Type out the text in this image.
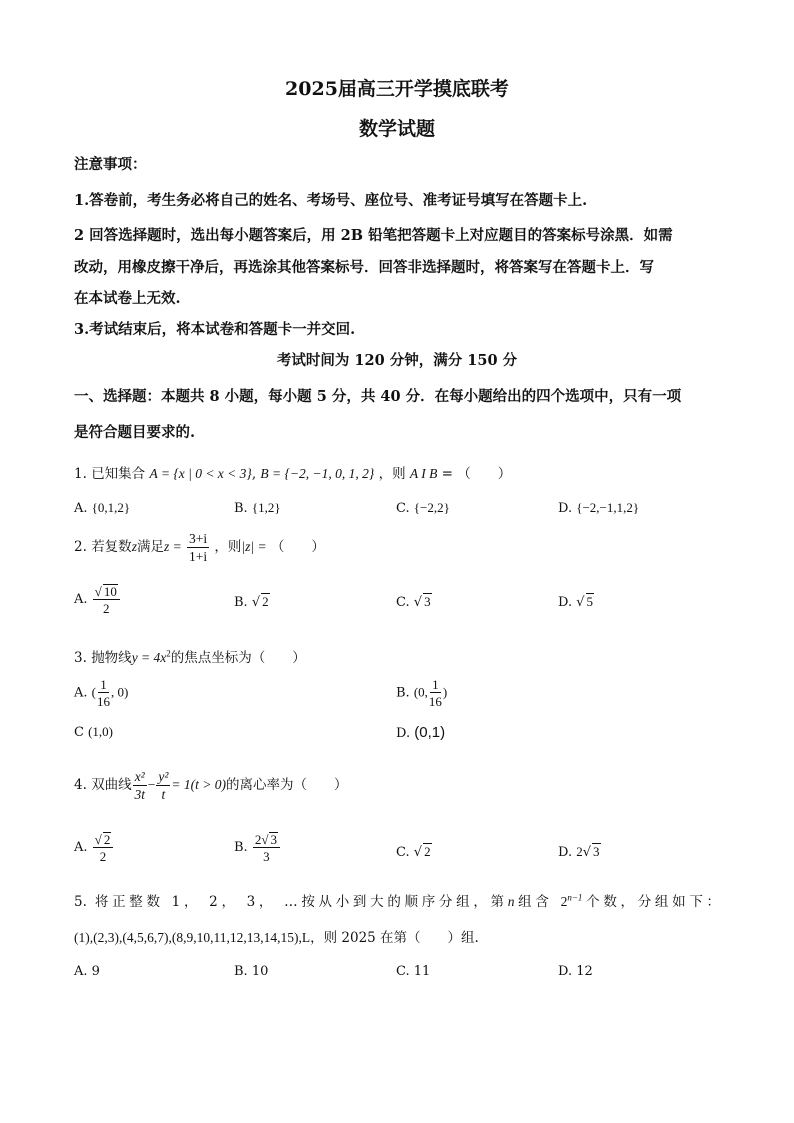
2025届高三开学摸底联考
数学试题
注意事项：
1.答卷前，考生务必将自己的姓名、考场号、座位号、准考证号填写在答题卡上.
2 回答选择题时，选出每小题答案后，用 2B 铅笔把答题卡上对应题目的答案标号涂黑．如需
改动，用橡皮擦干净后，再选涂其他答案标号．回答非选择题时，将答案写在答题卡上．写
在本试卷上无效.
3.考试结束后，将本试卷和答题卡一并交回.
考试时间为 120 分钟，满分 150 分
一、选择题：本题共 8 小题，每小题 5 分，共 40 分．在每小题给出的四个选项中，只有一项
是符合题目要求的.
1. 已知集合 A = {x | 0 < x < 3}, B = {−2, −1, 0, 1, 2} ，则 A I B = （　　）
A. {0,1,2}	B. {1,2}	C. {−2,2}	D. {−2,−1,1,2}
2. 若复数z满足$z = \frac{3+i}{1+i}$ ，则|z| = （　　）
A. $\frac{√ 10}{2}$	B. √ 2	C. √ 3	D. √ 5
3. 抛物线$y = 4x^2$的焦点坐标为（　　）
A. ( $\frac{1}{16}$ , 0)	B. (0, $\frac{1}{16}$ )
C (1,0)	D. (0,1)
4. 双曲线 $\frac{\text{x²}}{3t} - \frac{\text{y²}}{t} = 1(t > 0)$的离心率为（　　）
A. $\frac{√ 2}{2}$	B. $\frac{2√ 3}{3}$	C. √ 2	D. 2√ 3
5. 将正整数 1， 2， 3， …按从小到大的顺序分组，第n组含 $2^{n-1}$个数，分组如下：
(1),(2,3),(4,5,6,7),(8,9,10,11,12,13,14,15),L，则 2025 在第（　　）组.
A. 9	B. 10	C. 11	D. 12
